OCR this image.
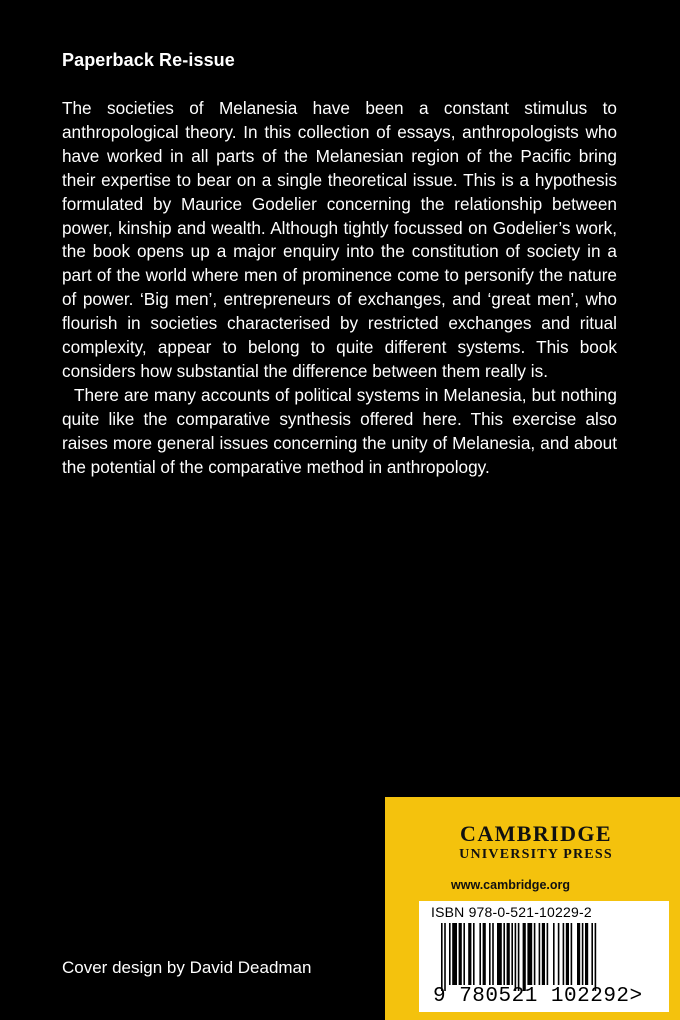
Paperback Re-issue

The societies of Melanesia have been a constant stimulus to anthropological theory. In this collection of essays, anthropologists who have worked in all parts of the Melanesian region of the Pacific bring their expertise to bear on a single theoretical issue. This is a hypothesis formulated by Maurice Godelier concerning the relationship between power, kinship and wealth. Although tightly focussed on Godelier’s work, the book opens up a major enquiry into the constitution of society in a part of the world where men of prominence come to personify the nature of power. ‘Big men’, entrepreneurs of exchanges, and ‘great men’, who flourish in societies characterised by restricted exchanges and ritual complexity, appear to belong to quite different systems. This book considers how substantial the difference between them really is.

There are many accounts of political systems in Melanesia, but nothing quite like the comparative synthesis offered here. This exercise also raises more general issues concerning the unity of Melanesia, and about the potential of the comparative method in anthropology.

Cover design by David Deadman
CAMBRIDGE
UNIVERSITY PRESS
www.cambridge.org
ISBN 978-0-521-10229-2
9 780521 102292>
